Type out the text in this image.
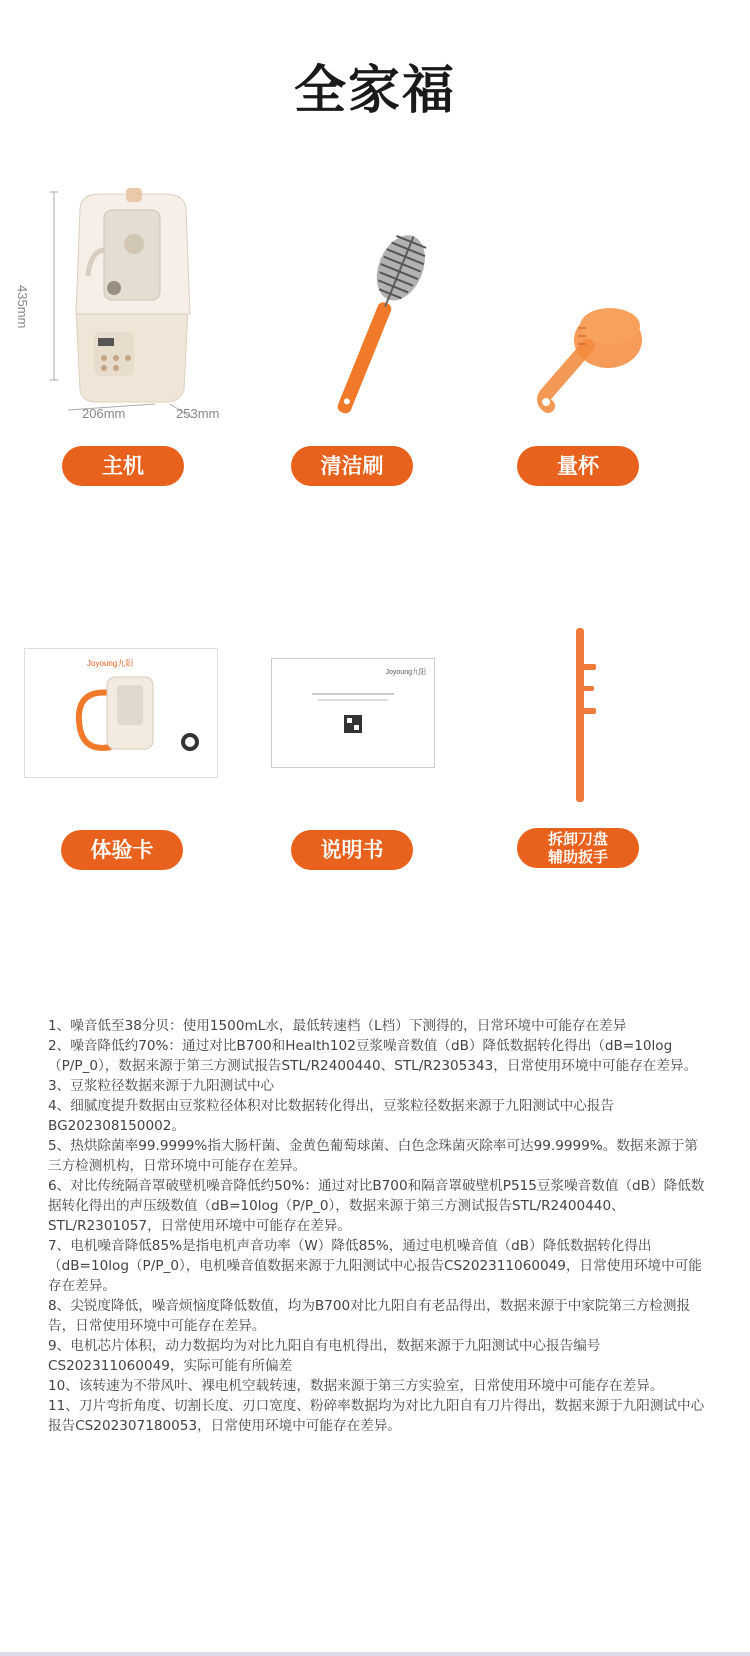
全家福
435mm
206mm	253mm
主机	清洁刷	量杯
Joyoung九阳
体验卡
Joyoung九阳
说明书	拆卸刀盘
辅助扳手

1、噪音低至38分贝：使用1500mL水，最低转速档（L档）下测得的，日常环境中可能存在差异

2、噪音降低约70%：通过对比B700和Health102豆浆噪音数值（dB）降低数据转化得出（dB=10log（P/P_0），数据来源于第三方测试报告STL/R2400440、STL/R2305343，日常使用环境中可能存在差异。

3、豆浆粒径数据来源于九阳测试中心

4、细腻度提升数据由豆浆粒径体积对比数据转化得出，豆浆粒径数据来源于九阳测试中心报告BG202308150002。

5、热烘除菌率99.9999%指大肠杆菌、金黄色葡萄球菌、白色念珠菌灭除率可达99.9999%。数据来源于第三方检测机构，日常环境中可能存在差异。

6、对比传统隔音罩破壁机噪音降低约50%：通过对比B700和隔音罩破壁机P515豆浆噪音数值（dB）降低数据转化得出的声压级数值（dB=10log（P/P_0），数据来源于第三方测试报告STL/R2400440、STL/R2301057，日常使用环境中可能存在差异。

7、电机噪音降低85%是指电机声音功率（W）降低85%，通过电机噪音值（dB）降低数据转化得出（dB=10log（P/P_0），电机噪音值数据来源于九阳测试中心报告CS202311060049，日常使用环境中可能存在差异。

8、尖锐度降低，噪音烦恼度降低数值，均为B700对比九阳自有老品得出，数据来源于中家院第三方检测报告，日常使用环境中可能存在差异。

9、电机芯片体积，动力数据均为对比九阳自有电机得出，数据来源于九阳测试中心报告编号CS202311060049，实际可能有所偏差

10、该转速为不带风叶、裸电机空载转速，数据来源于第三方实验室，日常使用环境中可能存在差异。

11、刀片弯折角度、切割长度、刃口宽度、粉碎率数据均为对比九阳自有刀片得出，数据来源于九阳测试中心报告CS202307180053，日常使用环境中可能存在差异。
